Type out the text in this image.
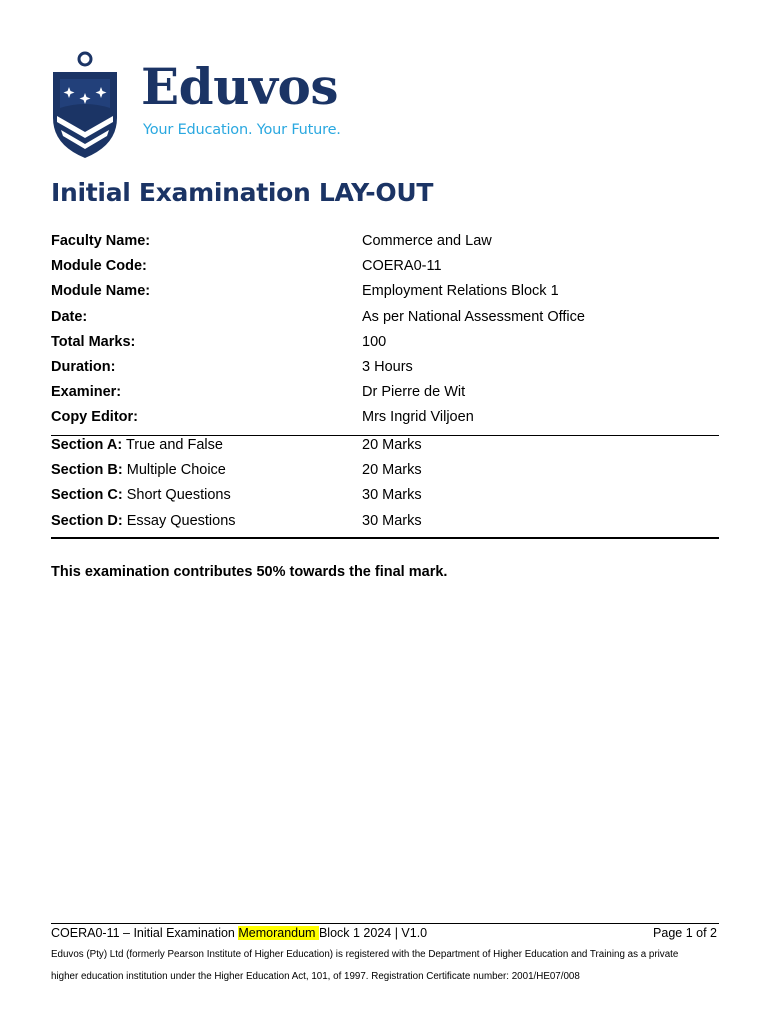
Eduvos
Your Education. Your Future.
Initial Examination LAY-OUT
Faculty Name:	Commerce and Law
Module Code:	COERA0-11
Module Name:	Employment Relations Block 1
Date:	As per National Assessment Office
Total Marks:	100
Duration:	3 Hours
Examiner:	Dr Pierre de Wit
Copy Editor:	Mrs Ingrid Viljoen
Section A: True and False	20 Marks
Section B: Multiple Choice	20 Marks
Section C: Short Questions	30 Marks
Section D: Essay Questions	30 Marks
This examination contributes 50% towards the final mark.
COERA0-11 – Initial Examination Memorandum Block 1 2024 | V1.0	Page 1 of 2
Eduvos (Pty) Ltd (formerly Pearson Institute of Higher Education) is registered with the Department of Higher Education and Training as a private
higher education institution under the Higher Education Act, 101, of 1997. Registration Certificate number: 2001/HE07/008
